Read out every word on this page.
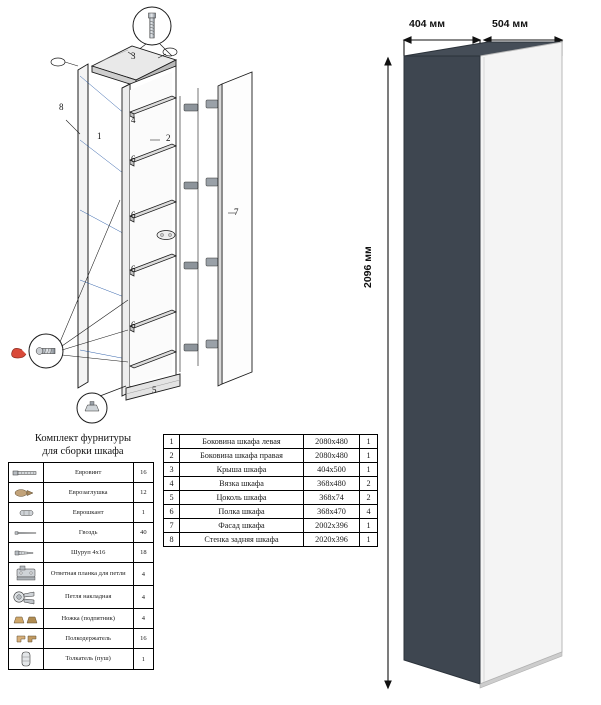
1	2
3
4
5
6
6
6
6
7
8
Комплект фурнитуры
для сборки шкафа
	Евровинт	16

	Еврозаглушка	12

	Еврошкант	1

	Гвоздь	40

	Шуруп 4х16	18

	Ответная планка для петли	4

	Петля накладная	4

	Ножка (подпятник)	4

	Полкодержатель	16

	Толкатель (пуш)	1
1	Боковина шкафа левая	2080х480	1
2	Боковина шкафа правая	2080х480	1
3	Крыша шкафа	404х500	1
4	Вязка шкафа	368х480	2
5	Цоколь шкафа	368х74	2
6	Полка шкафа	368х470	4
7	Фасад шкафа	2002х396	1
8	Стенка задняя шкафа	2020х396	1
404 мм	504 мм
2096 мм
